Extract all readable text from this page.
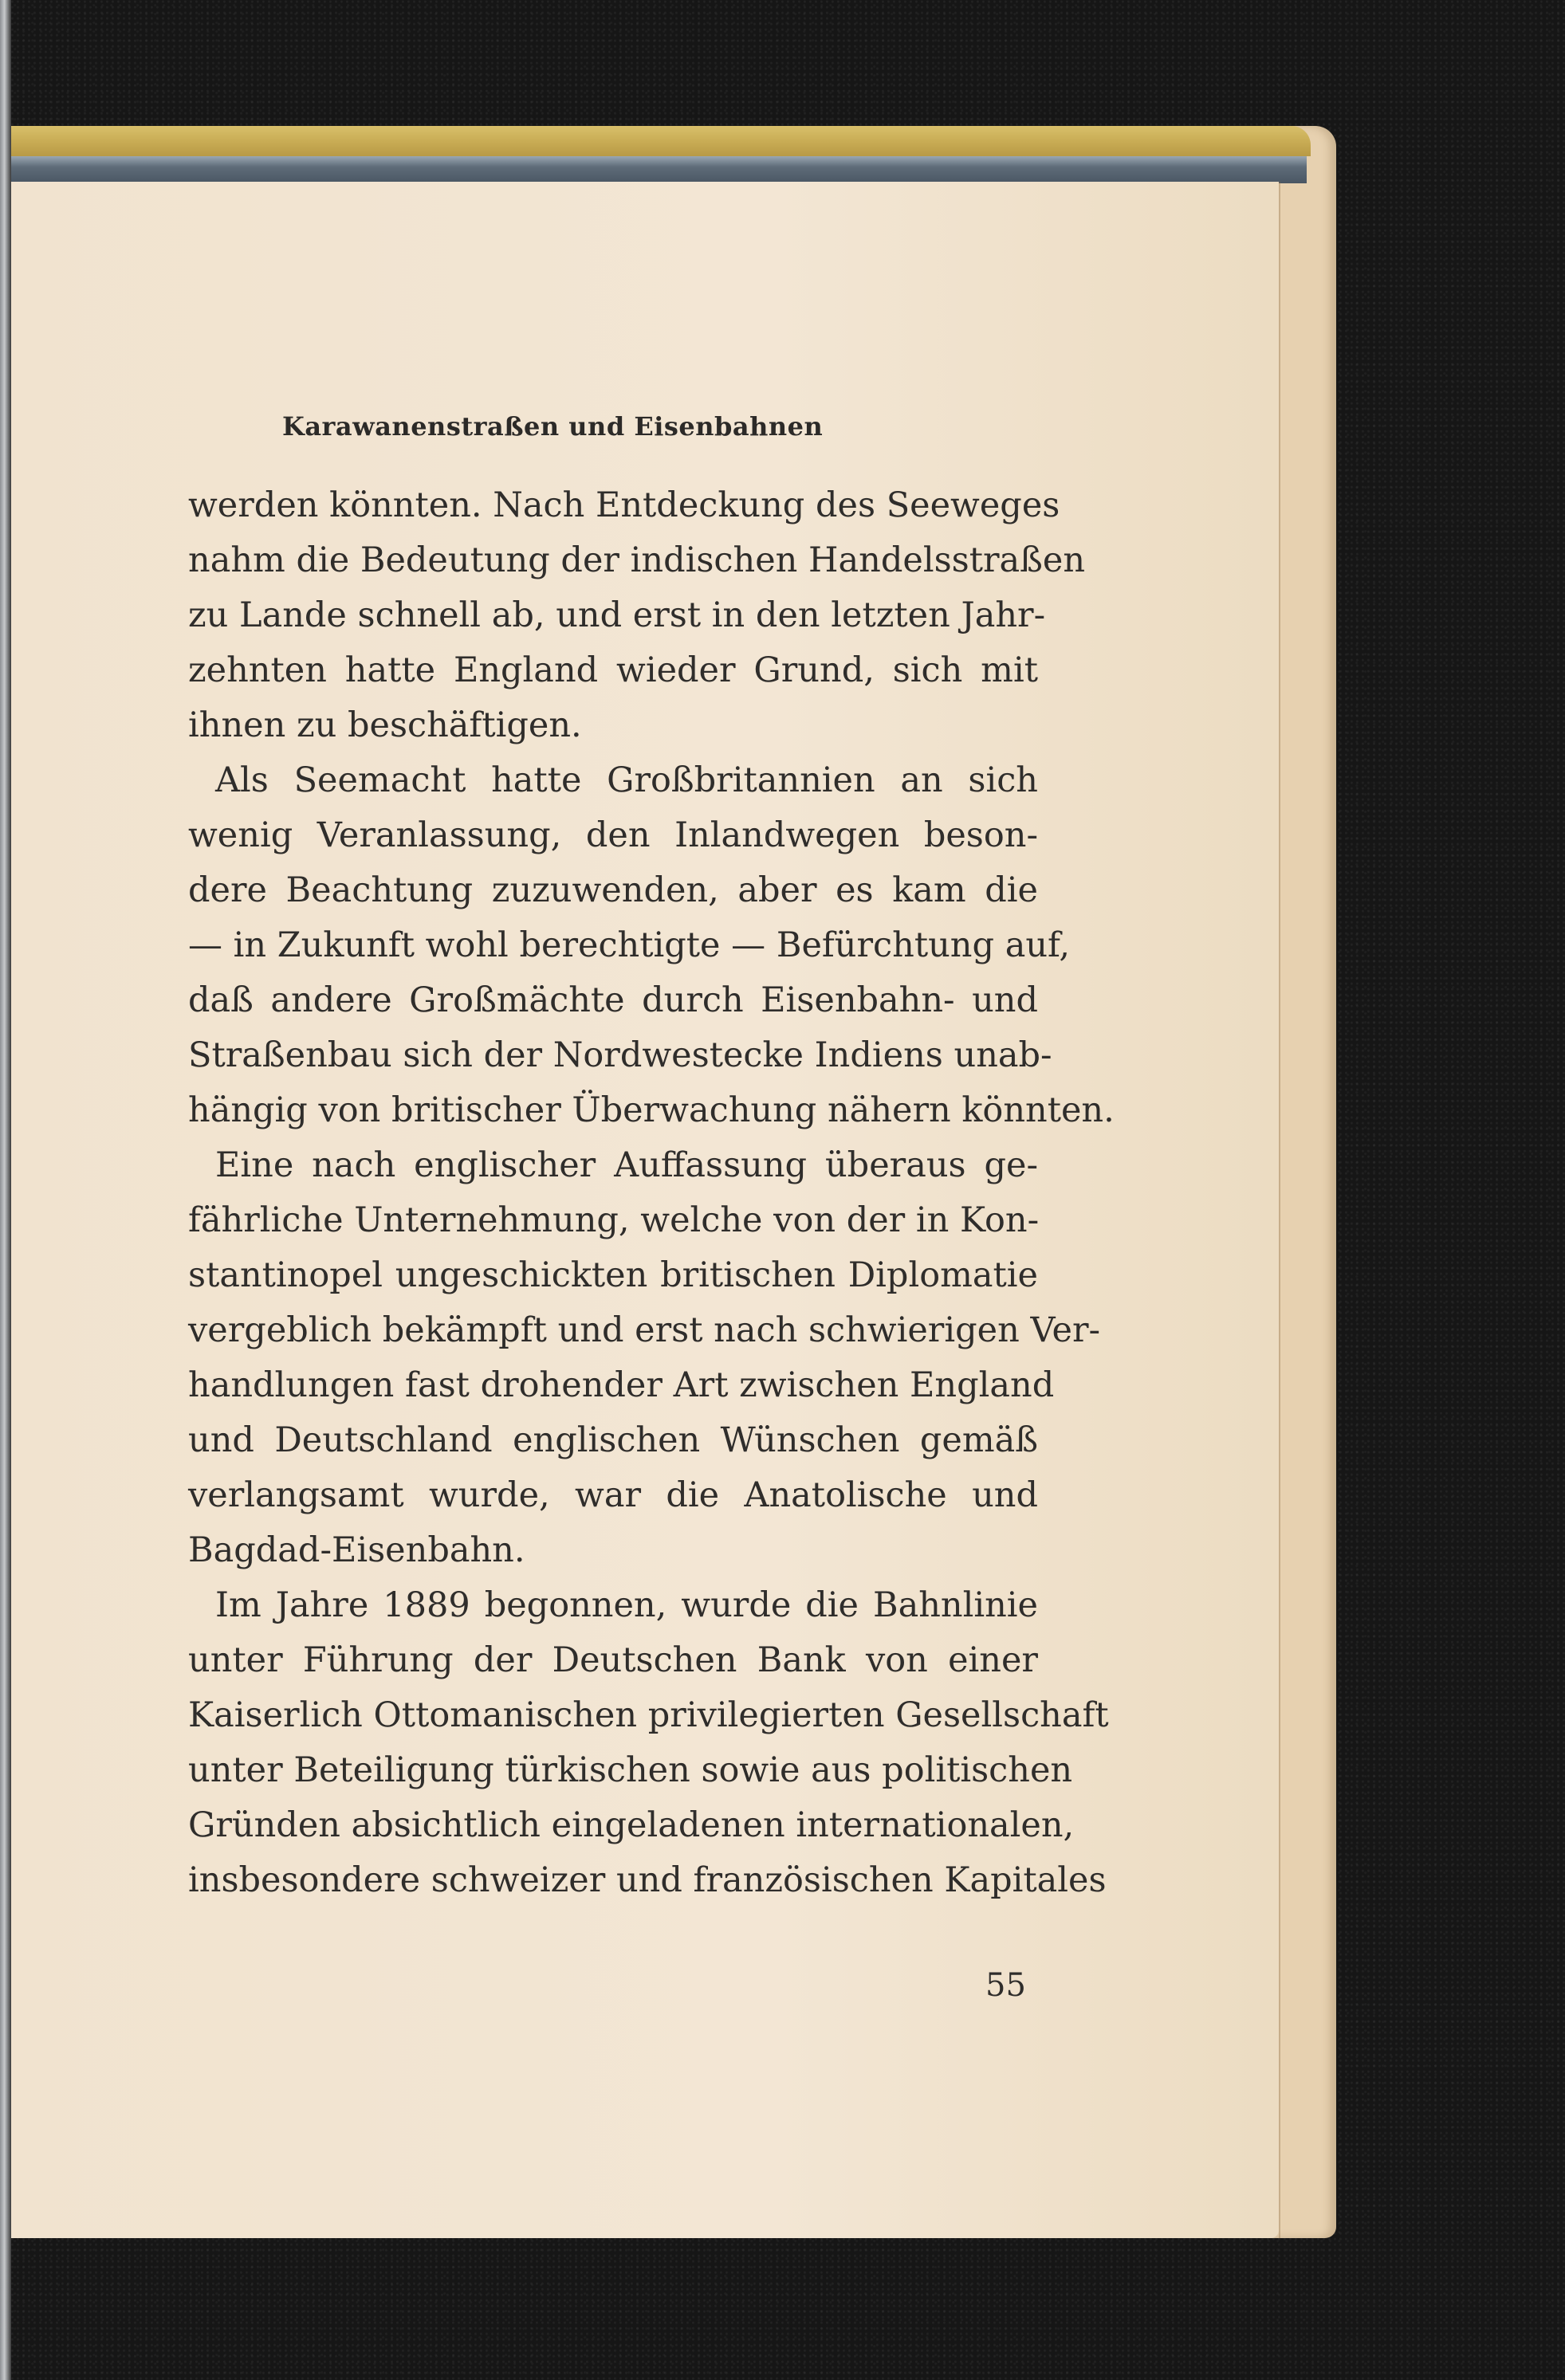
Karawanenstraßen und Eisenbahnen
werden könnten. Nach Entdeckung des Seeweges
nahm die Bedeutung der indischen Handelsstraßen
zu Lande schnell ab, und erst in den letzten Jahr-
zehnten hatte England wieder Grund, sich mit
ihnen zu beschäftigen.
Als Seemacht hatte Großbritannien an sich
wenig Veranlassung, den Inlandwegen beson-
dere Beachtung zuzuwenden, aber es kam die
— in Zukunft wohl berechtigte — Befürchtung auf,
daß andere Großmächte durch Eisenbahn- und
Straßenbau sich der Nordwestecke Indiens unab-
hängig von britischer Überwachung nähern könnten.
Eine nach englischer Auffassung überaus ge-
fährliche Unternehmung, welche von der in Kon-
stantinopel ungeschickten britischen Diplomatie
vergeblich bekämpft und erst nach schwierigen Ver-
handlungen fast drohender Art zwischen England
und Deutschland englischen Wünschen gemäß
verlangsamt wurde, war die Anatolische und
Bagdad-Eisenbahn.
Im Jahre 1889 begonnen, wurde die Bahnlinie
unter Führung der Deutschen Bank von einer
Kaiserlich Ottomanischen privilegierten Gesellschaft
unter Beteiligung türkischen sowie aus politischen
Gründen absichtlich eingeladenen internationalen,
insbesondere schweizer und französischen Kapitales
55
